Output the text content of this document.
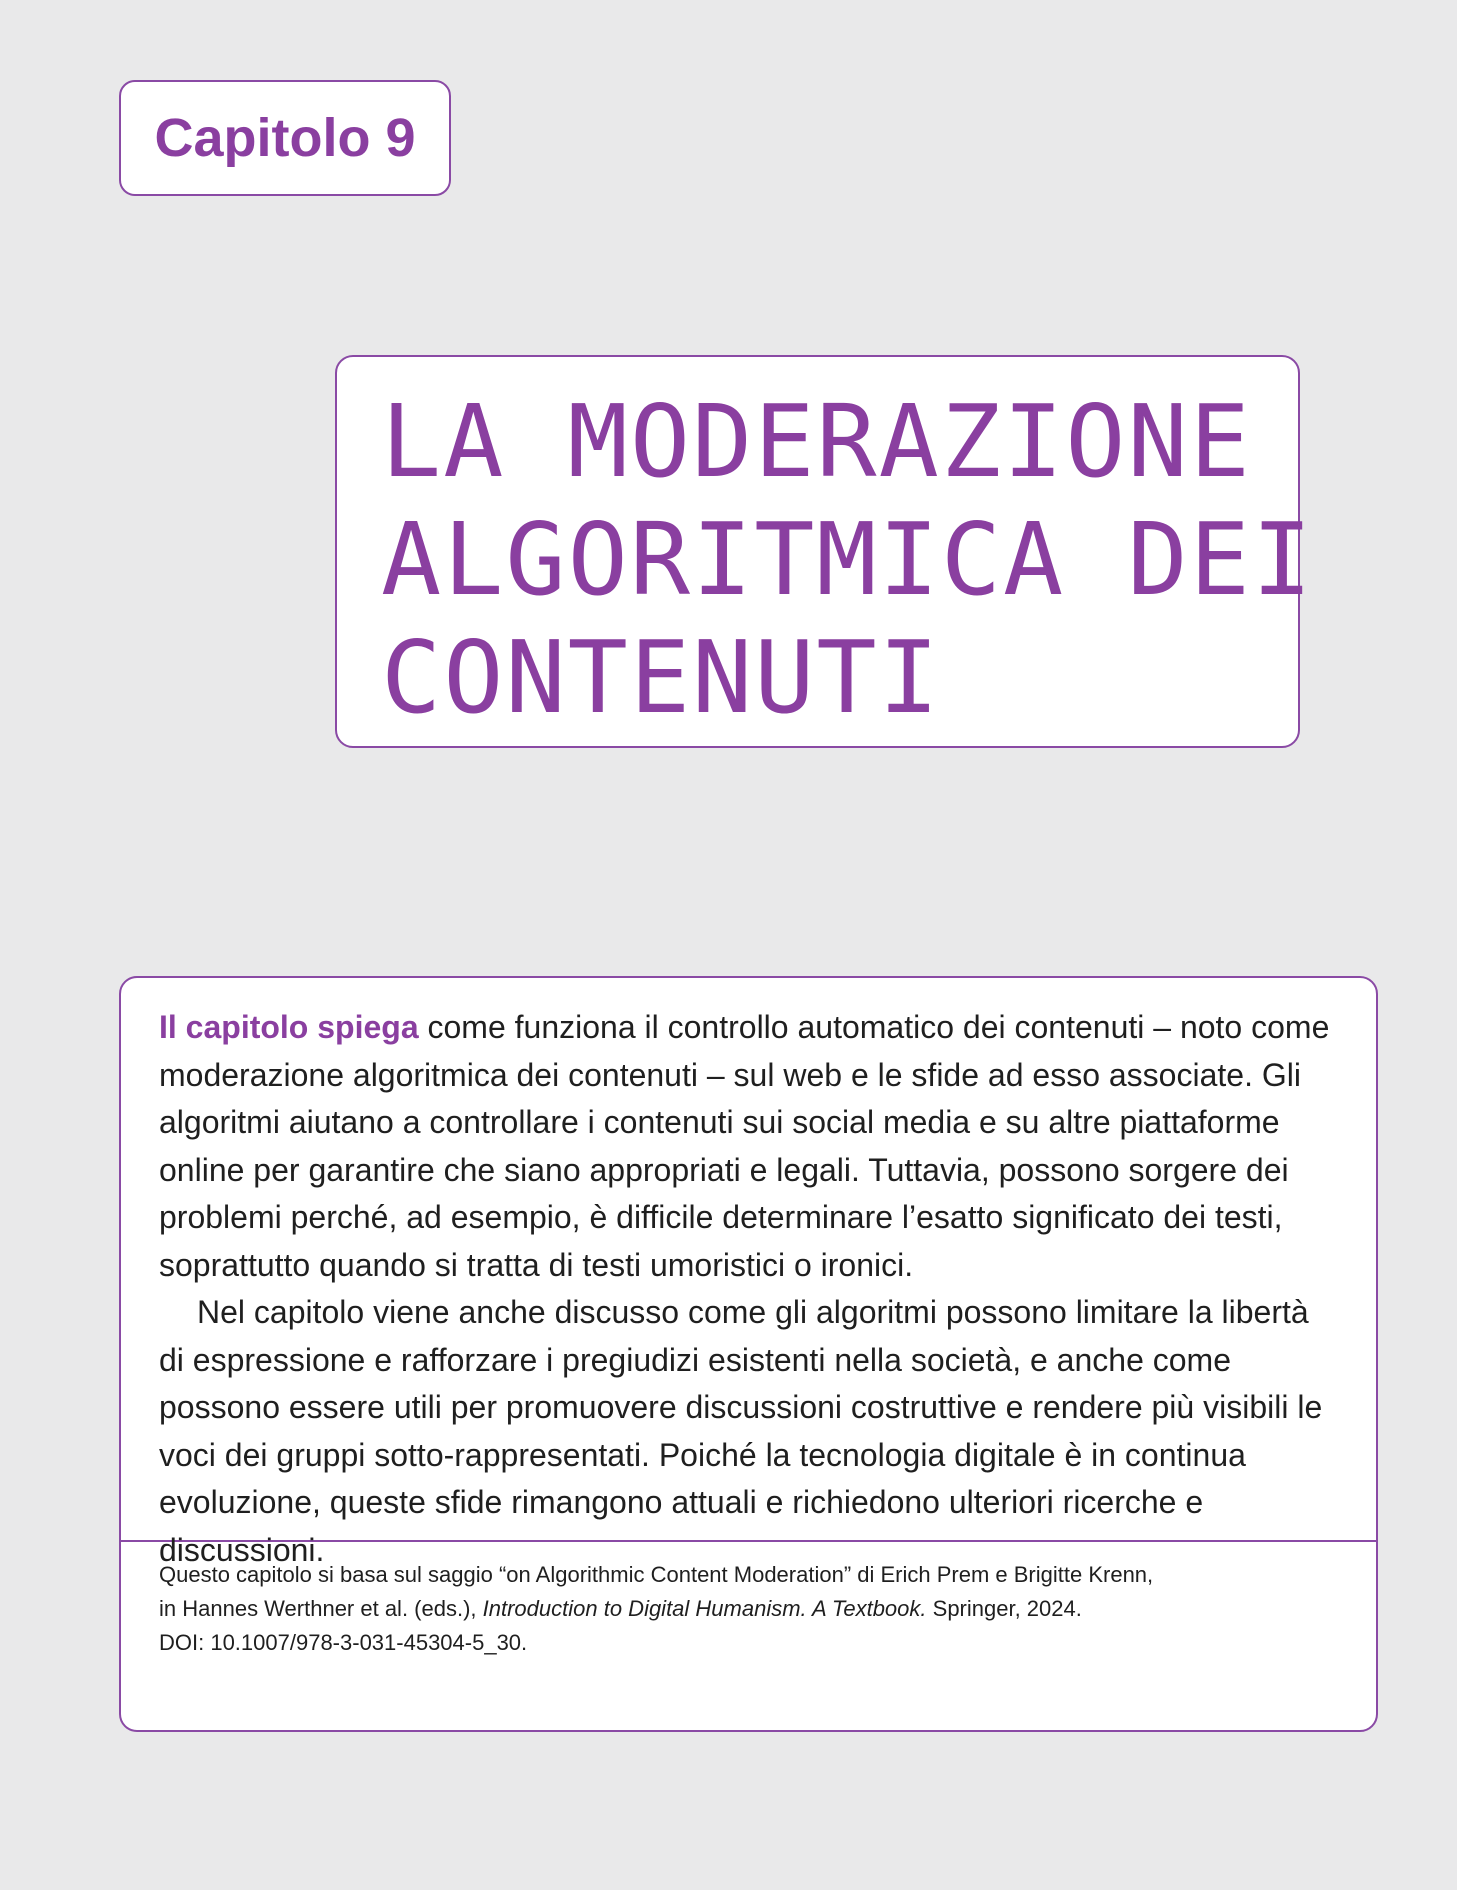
Capitolo 9
LA MODERAZIONE
ALGORITMICA DEI
CONTENUTI

Il capitolo spiega come funziona il controllo automatico dei contenuti – noto come moderazione algoritmica dei contenuti – sul web e le sfide ad esso associate. Gli algoritmi aiutano a controllare i contenuti sui social media e su altre piattaforme online per garantire che siano appropriati e legali. Tuttavia, possono sorgere dei problemi perché, ad esempio, è difficile determinare l’esatto significato dei testi, soprattutto quando si tratta di testi umoristici o ironici.

Nel capitolo viene anche discusso come gli algoritmi possono limitare la libertà di espressione e rafforzare i pregiudizi esistenti nella società, e anche come possono essere utili per promuovere discussioni costruttive e rendere più visibili le voci dei gruppi sotto-rappresentati. Poiché la tecnologia digitale è in continua evoluzione, queste sfide rimangono attuali e richiedono ulteriori ricerche e discussioni.

Questo capitolo si basa sul saggio “on Algorithmic Content Moderation” di Erich Prem e Brigitte Krenn,
in Hannes Werthner et al. (eds.), Introduction to Digital Humanism. A Textbook. Springer, 2024.
DOI: 10.1007/978-3-031-45304-5_30.
